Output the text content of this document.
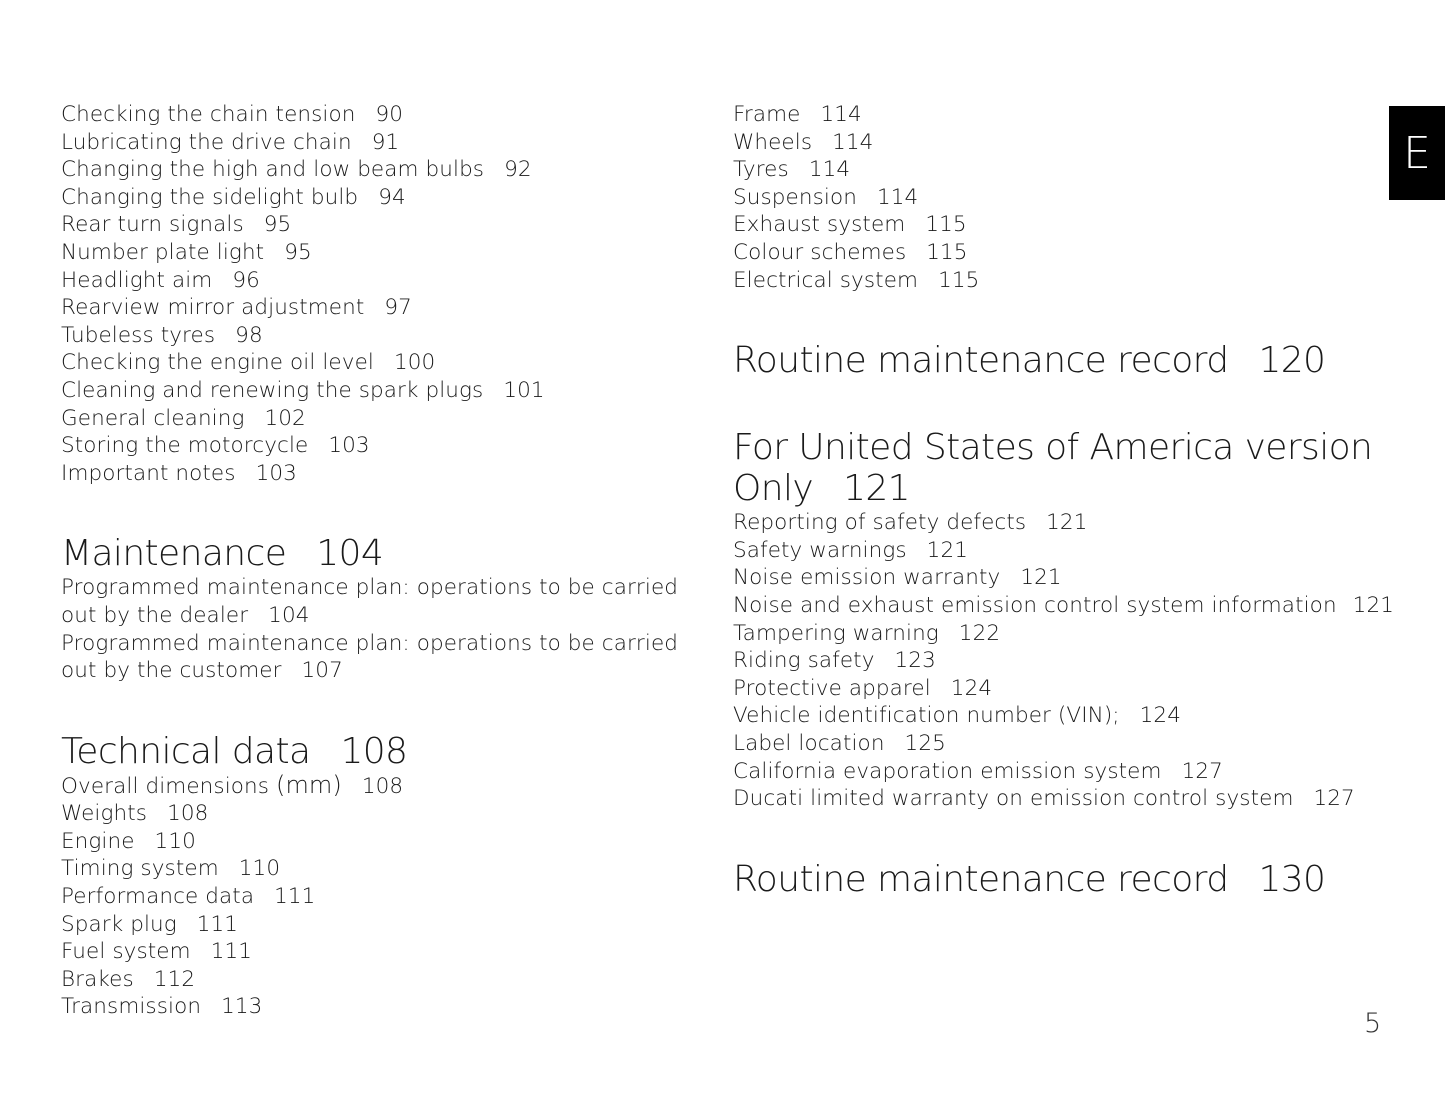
Checking the chain tension 90
Lubricating the drive chain 91
Changing the high and low beam bulbs 92
Changing the sidelight bulb 94
Rear turn signals 95
Number plate light 95
Headlight aim 96
Rearview mirror adjustment 97
Tubeless tyres 98
Checking the engine oil level 100
Cleaning and renewing the spark plugs 101
General cleaning 102
Storing the motorcycle 103
Important notes 103
Maintenance 104
Programmed maintenance plan: operations to be carried out by the dealer 104
Programmed maintenance plan: operations to be carried out by the customer 107
Technical data 108
Overall dimensions (mm) 108
Weights 108
Engine 110
Timing system 110
Performance data 111
Spark plug 111
Fuel system 111
Brakes 112
Transmission 113
Frame 114
Wheels 114
Tyres 114
Suspension 114
Exhaust system 115
Colour schemes 115
Electrical system 115
Routine maintenance record 120
For United States of America version
Only 121
Reporting of safety defects 121
Safety warnings 121
Noise emission warranty 121
Noise and exhaust emission control system information 121
Tampering warning 122
Riding safety 123
Protective apparel 124
Vehicle identification number (VIN); 124
Label location 125
California evaporation emission system 127
Ducati limited warranty on emission control system 127
Routine maintenance record 130
E
5
